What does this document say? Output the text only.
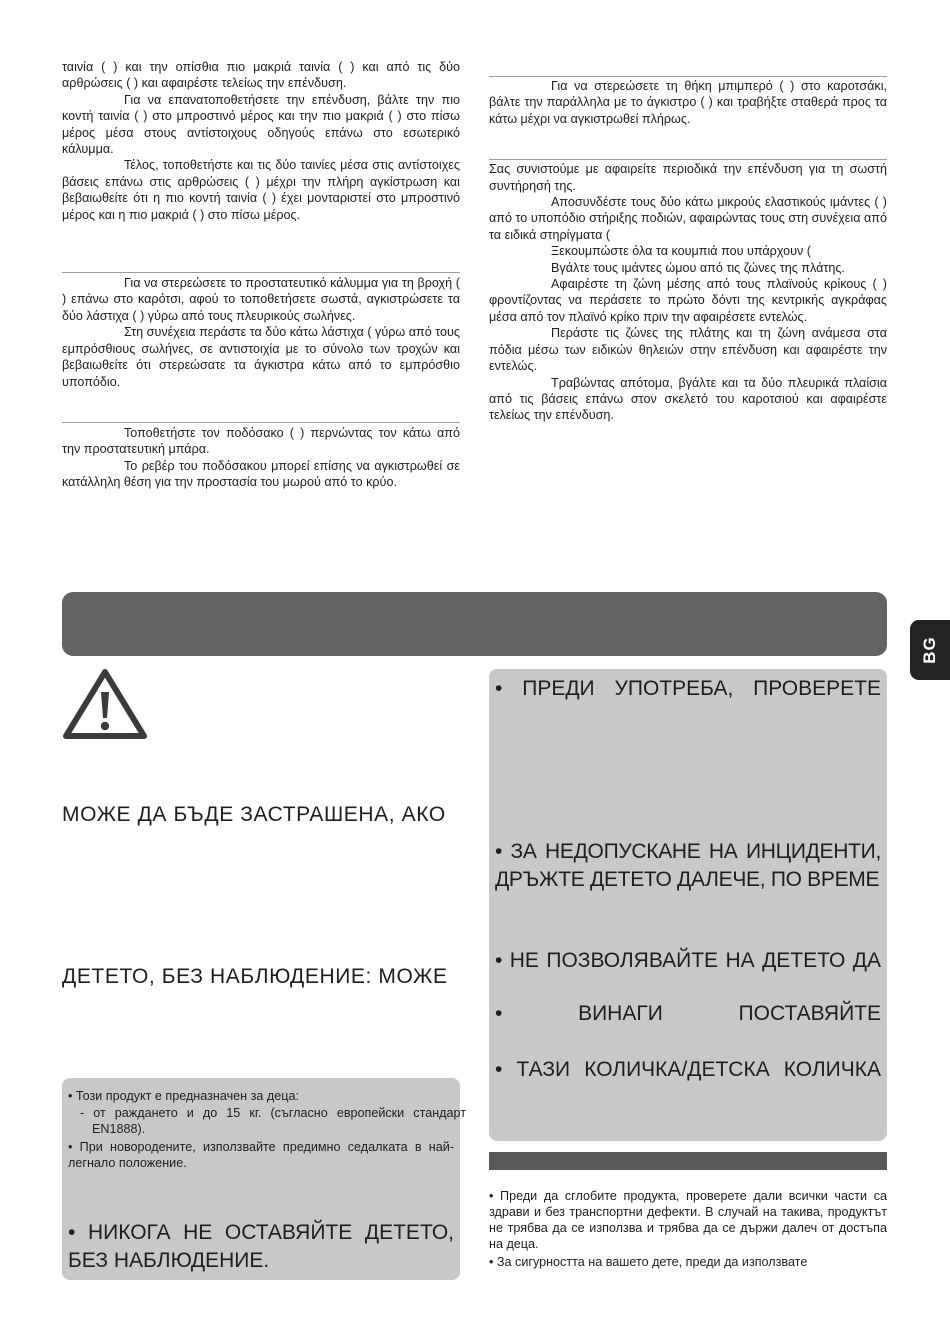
ταινία ( ) και την οπίσθια πιο μακριά ταινία ( ) και από τις δύο αρθρώσεις ( ) και αφαιρέστε τελείως την επένδυση.

Για να επανατοποθετήσετε την επένδυση, βάλτε την πιο κοντή ταινία ( ) στο μπροστινό μέρος και την πιο μακριά ( ) στο πίσω μέρος μέσα στους αντίστοιχους οδηγούς επάνω στο εσωτερικό κάλυμμα.

Τέλος, τοποθετήστε και τις δύο ταινίες μέσα στις αντίστοιχες βάσεις επάνω στις αρθρώσεις ( ) μέχρι την πλήρη αγκίστρωση και βεβαιωθείτε ότι η πιο κοντή ταινία ( ) έχει μονταριστεί στο μπροστινό μέρος και η πιο μακριά ( ) στο πίσω μέρος.

Για να στερεώσετε το προστατευτικό κάλυμμα για τη βροχή ( ) επάνω στο καρότσι, αφού το τοποθετήσετε σωστά, αγκιστρώσετε τα δύο λάστιχα ( ) γύρω από τους πλευρικούς σωλήνες.

Στη συνέχεια περάστε τα δύο κάτω λάστιχα ( γύρω από τους εμπρόσθιους σωλήνες, σε αντιστοιχία με το σύνολο των τροχών και βεβαιωθείτε ότι στερεώσατε τα άγκιστρα κάτω από το εμπρόσθιο υποπόδιο.

Τοποθετήστε τον ποδόσακο ( ) περνώντας τον κάτω από την προστατευτική μπάρα.

Το ρεβέρ του ποδόσακου μπορεί επίσης να αγκιστρωθεί σε κατάλληλη θέση για την προστασία του μωρού από το κρύο.

Για να στερεώσετε τη θήκη μπιμπερό ( ) στο καροτσάκι, βάλτε την παράλληλα με το άγκιστρο ( ) και τραβήξτε σταθερά προς τα κάτω μέχρι να αγκιστρωθεί πλήρως.

Σας συνιστούμε με αφαιρείτε περιοδικά την επένδυση για τη σωστή συντήρησή της.

Αποσυνδέστε τους δύο κάτω μικρούς ελαστικούς ιμάντες ( ) από το υποπόδιο στήριξης ποδιών, αφαιρώντας τους στη συνέχεια από τα ειδικά στηρίγματα (

Ξεκουμπώστε όλα τα κουμπιά που υπάρχουν (

Βγάλτε τους ιμάντες ώμου από τις ζώνες της πλάτης.

Αφαιρέστε τη ζώνη μέσης από τους πλαϊνούς κρίκους ( ) φροντίζοντας να περάσετε το πρώτο δόντι της κεντρικής αγκράφας μέσα από τον πλαϊνό κρίκο πριν την αφαιρέσετε εντελώς.

Περάστε τις ζώνες της πλάτης και τη ζώνη ανάμεσα στα πόδια μέσω των ειδικών θηλειών στην επένδυση και αφαιρέστε την εντελώς.

Τραβώντας απότομα, βγάλτε και τα δύο πλευρικά πλαίσια από τις βάσεις επάνω στον σκελετό του καροτσιού και αφαιρέστε τελείως την επένδυση.

BG
МОЖЕ ДА БЪДЕ ЗАСТРАШЕНА, АКО
ДЕТЕТО, БЕЗ НАБЛЮДЕНИЕ: МОЖЕ
• Този продукт е предназначен за деца:
- от раждането и до 15 кг. (съгласно европейски стандарт EN1888).
• При новородените, използвайте предимно седалката в най-легнало положение.
• НИКОГА НЕ ОСТАВЯЙТЕ ДЕТЕТО, БЕЗ НАБЛЮДЕНИЕ.
• ПРЕДИ УПОТРЕБА, ПРОВЕРЕТЕ
• ЗА НЕДОПУСКАНЕ НА ИНЦИДЕНТИ, ДРЪЖТЕ ДЕТЕТО ДАЛЕЧЕ, ПО ВРЕМЕ
• НЕ ПОЗВОЛЯВАЙТЕ НА ДЕТЕТО ДА
• ВИНАГИ ПОСТАВЯЙТЕ
• ТАЗИ КОЛИЧКА/ДЕТСКА КОЛИЧКА
• Преди да сглобите продукта, проверете дали всички части са здрави и без транспортни дефекти. В случай на такива, продуктът не трябва да се използва и трябва да се държи далеч от достъпа на деца.
• За сигурността на вашето дете, преди да използвате
